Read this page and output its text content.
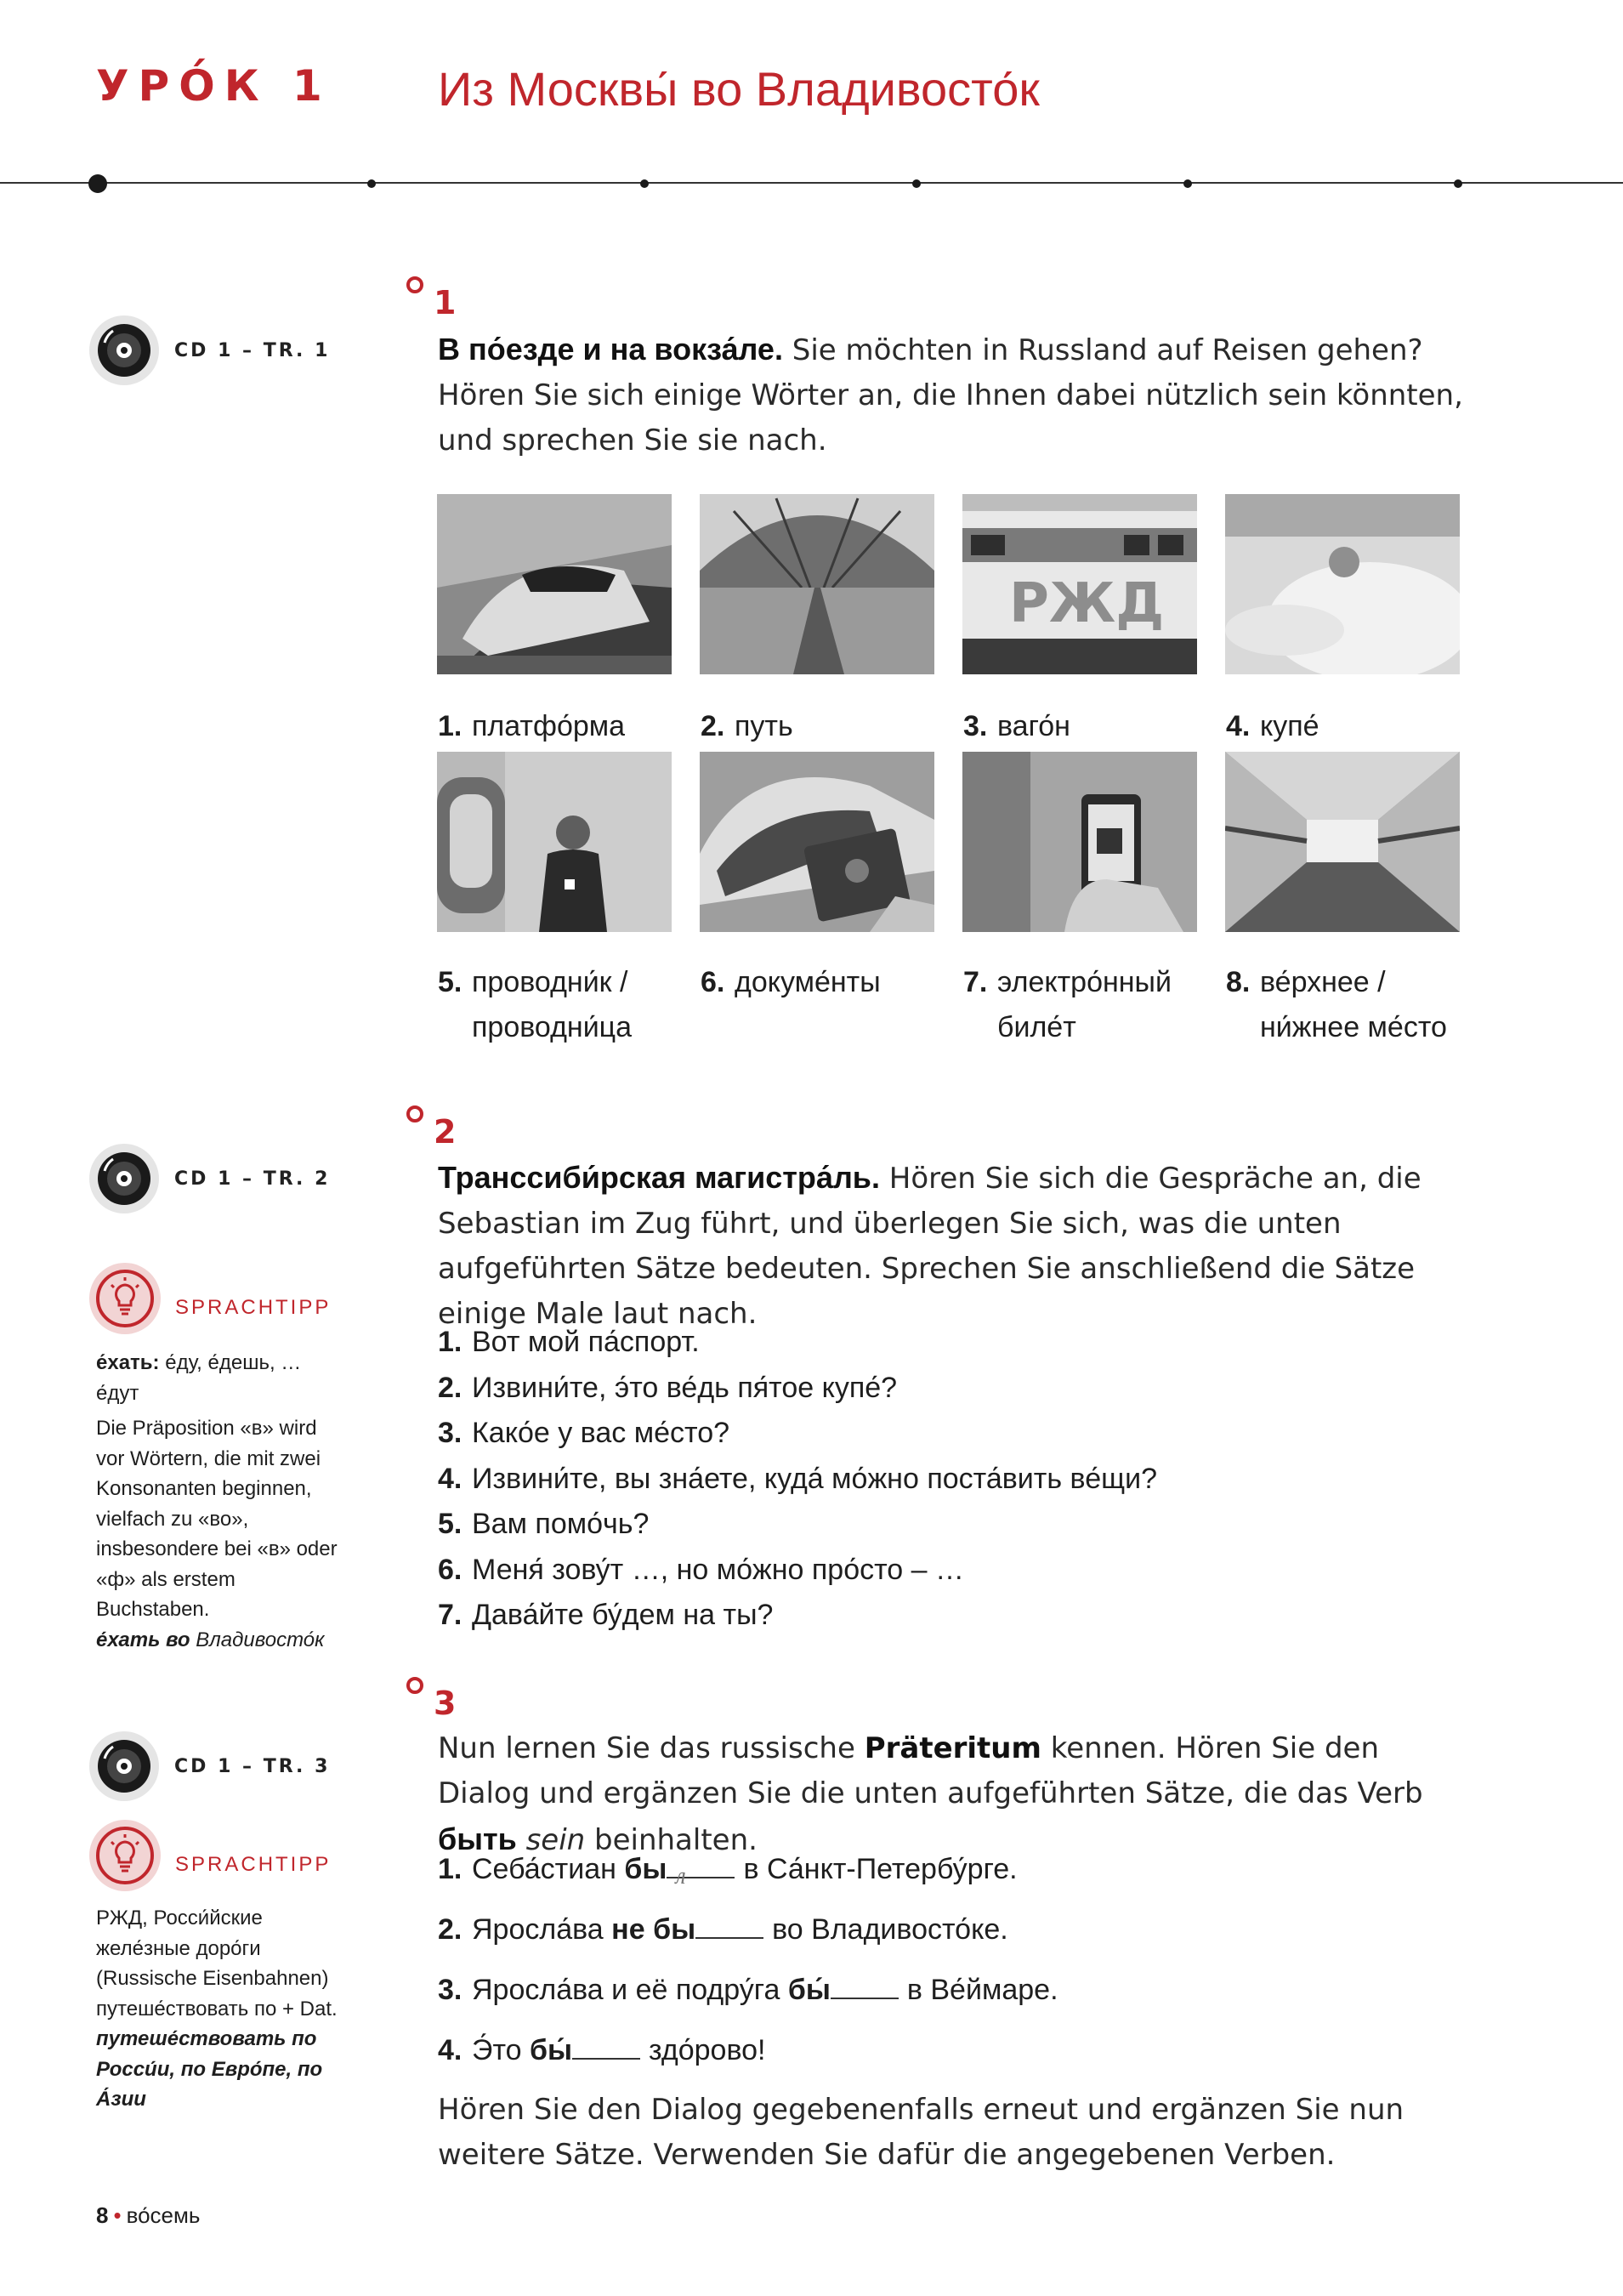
УРО́К 1 Из Москвы́ во Владивосто́к
CD 1 – TR. 1
CD 1 – TR. 2
SPRACHTIPP
е́хать: е́ду, е́дешь, … е́дут
Die Präposition «в» wird vor Wörtern, die mit zwei Konsonanten beginnen, vielfach zu «во», insbesondere bei «в» oder «ф» als erstem Buchstaben.
е́хать во Владивосто́к
CD 1 – TR. 3
SPRACHTIPP
РЖД, Росси́йские желе́зные доро́ги
(Russische Eisenbahnen)
путеше́ствовать по + Dat.
путеше́ствовать по Росси́и, по Евро́пе, по А́зии
1
В по́езде и на вокза́ле. Sie möchten in Russland auf Reisen gehen? Hören Sie sich einige Wörter an, die Ihnen dabei nützlich sein könnten, und sprechen Sie sie nach.
РЖД
1. платфо́рма	2. путь	3. ваго́н	4. купе́
5. проводни́к /
проводни́ца
6. докуме́нты	7. электро́нный
биле́т
8. ве́рхнее /
ни́жнее ме́сто
2
Транссиби́рская магистра́ль. Hören Sie sich die Gespräche an, die Sebastian im Zug führt, und überlegen Sie sich, was die unten aufgeführten Sätze bedeuten. Sprechen Sie anschließend die Sätze einige Male laut nach.
1. Вот мой па́спорт.
2. Извини́те, э́то ве́дь пя́тое купе́?
3. Како́е у вас ме́сто?
4. Извини́те, вы зна́ете, куда́ мо́жно поста́вить ве́щи?
5. Вам помо́чь?
6. Меня́ зову́т …, но мо́жно про́сто – …
7. Дава́йте бу́дем на ты?
3
Nun lernen Sie das russische Präteritum kennen. Hören Sie den Dialog und ergänzen Sie die unten aufgeführten Sätze, die das Verb быть sein beinhalten.
1. Себа́стиан бы л в Са́нкт-Петербу́рге.
2. Яросла́ва не бы	во Владивосто́ке.
3. Яросла́ва и её подру́га бы́	в Ве́ймаре.
4. Э́то бы́	здо́рово!
Hören Sie den Dialog gegebenenfalls erneut und ergänzen Sie nun weitere Sätze. Verwenden Sie dafür die angegebenen Verben.
8 • во́семь
